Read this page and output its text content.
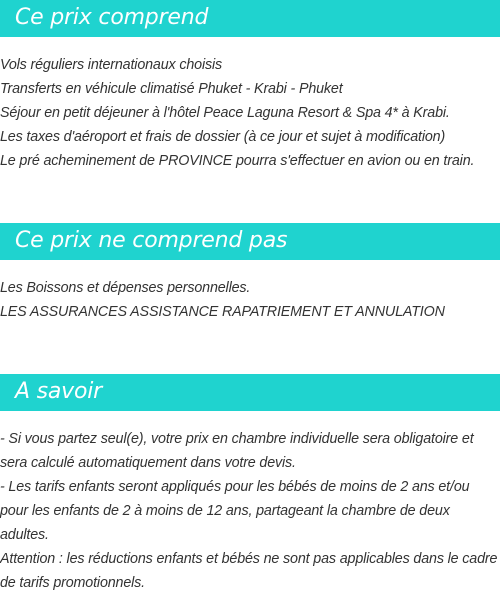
Ce prix comprend
Vols réguliers internationaux choisis
Transferts en véhicule climatisé Phuket - Krabi - Phuket
Séjour en petit déjeuner à l'hôtel Peace Laguna Resort & Spa 4* à Krabi.
Les taxes d'aéroport et frais de dossier (à ce jour et sujet à modification)
Le pré acheminement de PROVINCE pourra s'effectuer en avion ou en train.
Ce prix ne comprend pas
Les Boissons et dépenses personnelles.
LES ASSURANCES ASSISTANCE RAPATRIEMENT ET ANNULATION
A savoir
- Si vous partez seul(e), votre prix en chambre individuelle sera obligatoire et sera calculé automatiquement dans votre devis.
- Les tarifs enfants seront appliqués pour les bébés de moins de 2 ans et/ou pour les enfants de 2 à moins de 12 ans, partageant la chambre de deux adultes.
Attention : les réductions enfants et bébés ne sont pas applicables dans le cadre de tarifs promotionnels.
